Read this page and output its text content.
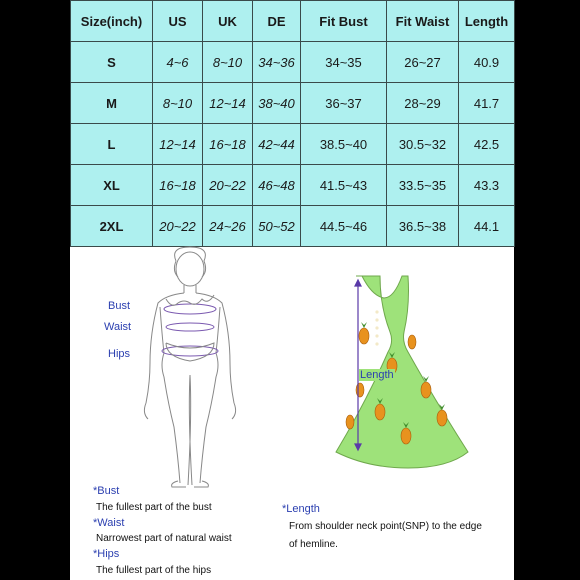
Size(inch)	US	UK	DE	Fit Bust	Fit Waist	Length
S	4~6	8~10	34~36	34~35	26~27	40.9
M	8~10	12~14	38~40	36~37	28~29	41.7
L	12~14	16~18	42~44	38.5~40	30.5~32	42.5
XL	16~18	20~22	46~48	41.5~43	33.5~35	43.3
2XL	20~22	24~26	50~52	44.5~46	36.5~38	44.1
Bust
Waist
Hips
Length
*Bust
The fullest part of the bust
*Waist
Narrowest part of natural waist
*Hips
The fullest part of the hips
*Length
From shoulder neck point(SNP) to the edge
of hemline.
